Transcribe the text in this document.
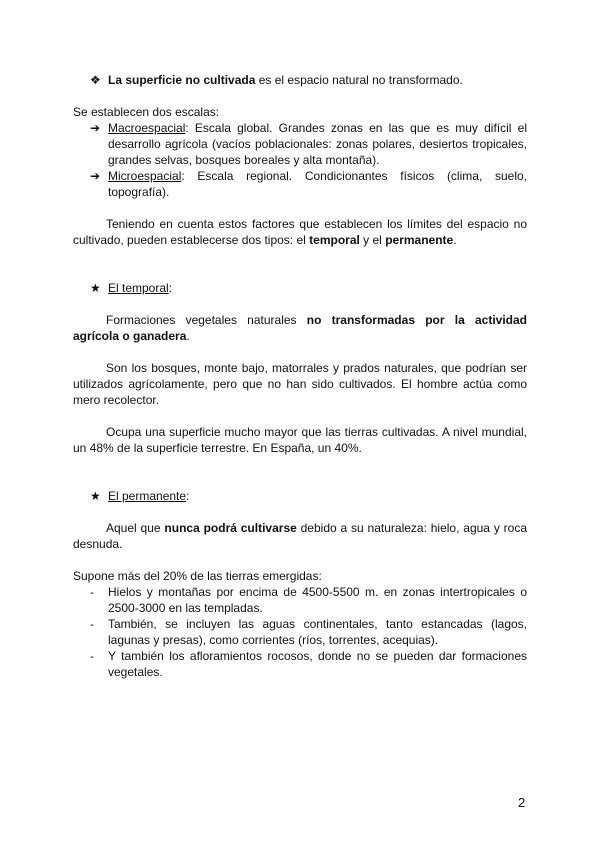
❖ La superficie no cultivada es el espacio natural no transformado.

Se establecen dos escalas:

➔ Macroespacial: Escala global. Grandes zonas en las que es muy difícil el desarrollo agrícola (vacíos poblacionales: zonas polares, desiertos tropicales, grandes selvas, bosques boreales y alta montaña).
➔ Microespacial: Escala regional. Condicionantes físicos (clima, suelo, topografía).

Teniendo en cuenta estos factores que establecen los límites del espacio no cultivado, pueden establecerse dos tipos: el temporal y el permanente.

★ El temporal:

Formaciones vegetales naturales no transformadas por la actividad agrícola o ganadera.

Son los bosques, monte bajo, matorrales y prados naturales, que podrían ser utilizados agrícolamente, pero que no han sido cultivados. El hombre actúa como mero recolector.

Ocupa una superficie mucho mayor que las tierras cultivadas. A nivel mundial, un 48% de la superficie terrestre. En España, un 40%.

★ El permanente:

Aquel que nunca podrá cultivarse debido a su naturaleza: hielo, agua y roca desnuda.

Supone más del 20% de las tierras emergidas:

- Hielos y montañas por encima de 4500-5500 m. en zonas intertropicales o 2500-3000 en las templadas.
- También, se incluyen las aguas continentales, tanto estancadas (lagos, lagunas y presas), como corrientes (ríos, torrentes, acequias).
- Y también los afloramientos rocosos, donde no se pueden dar formaciones vegetales.
2
